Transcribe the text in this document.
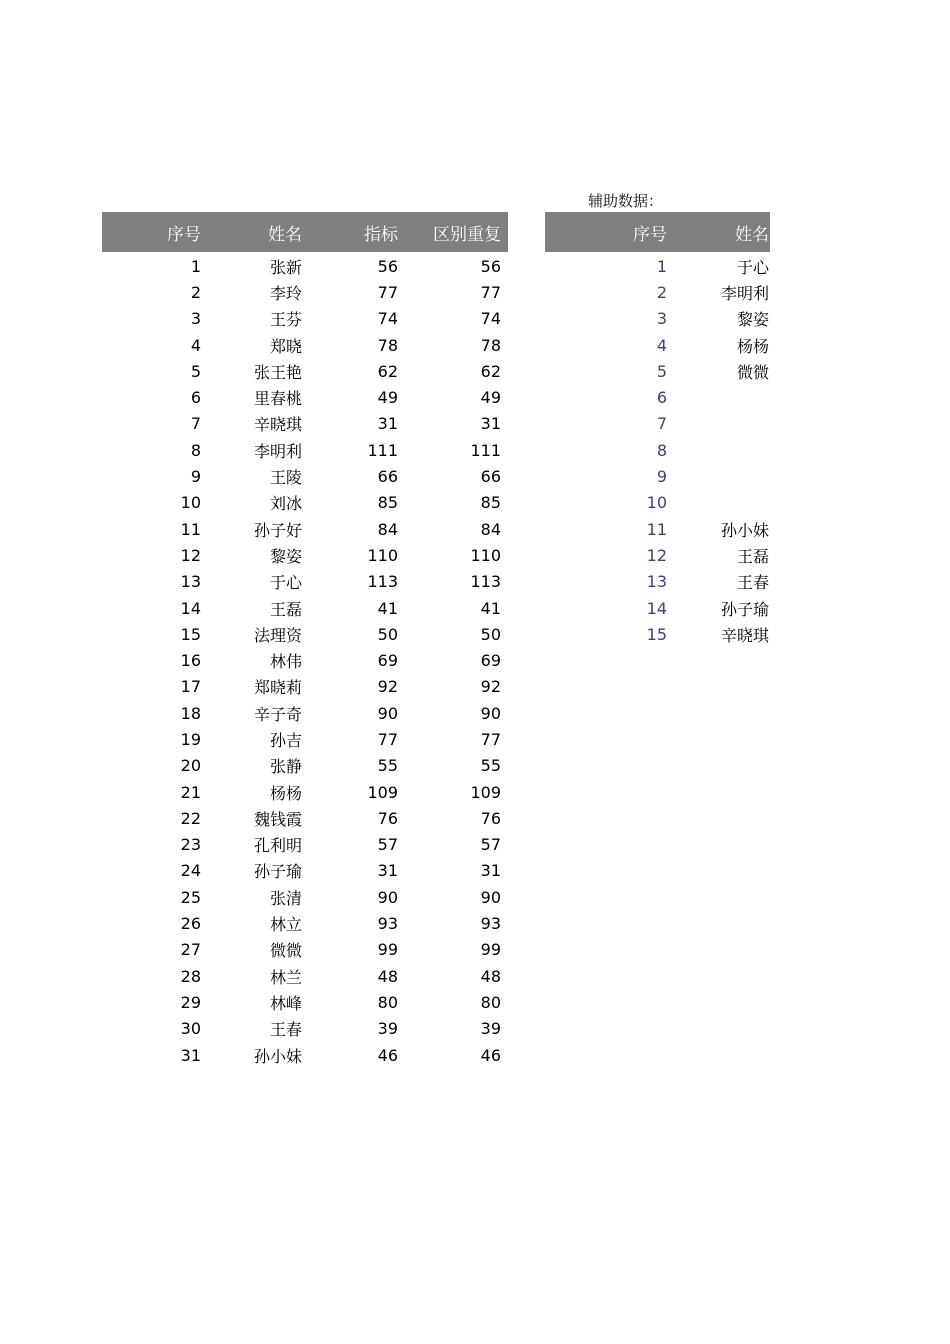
辅助数据：
序号	姓名	指标	区别重复
1	张新	56	56
2	李玲	77	77
3	王芬	74	74
4	郑晓	78	78
5	张王艳	62	62
6	里春桃	49	49
7	辛晓琪	31	31
8	李明利	111	111
9	王陵	66	66
10	刘冰	85	85
11	孙子好	84	84
12	黎姿	110	110
13	于心	113	113
14	王磊	41	41
15	法理资	50	50
16	林伟	69	69
17	郑晓莉	92	92
18	辛子奇	90	90
19	孙吉	77	77
20	张静	55	55
21	杨杨	109	109
22	魏钱霞	76	76
23	孔利明	57	57
24	孙子瑜	31	31
25	张清	90	90
26	林立	93	93
27	微微	99	99
28	林兰	48	48
29	林峰	80	80
30	王春	39	39
31	孙小妹	46	46
序号	姓名
1	于心
2	李明利
3	黎姿
4	杨杨
5	微微
6
7
8
9
10
11	孙小妹
12	王磊
13	王春
14	孙子瑜
15	辛晓琪
